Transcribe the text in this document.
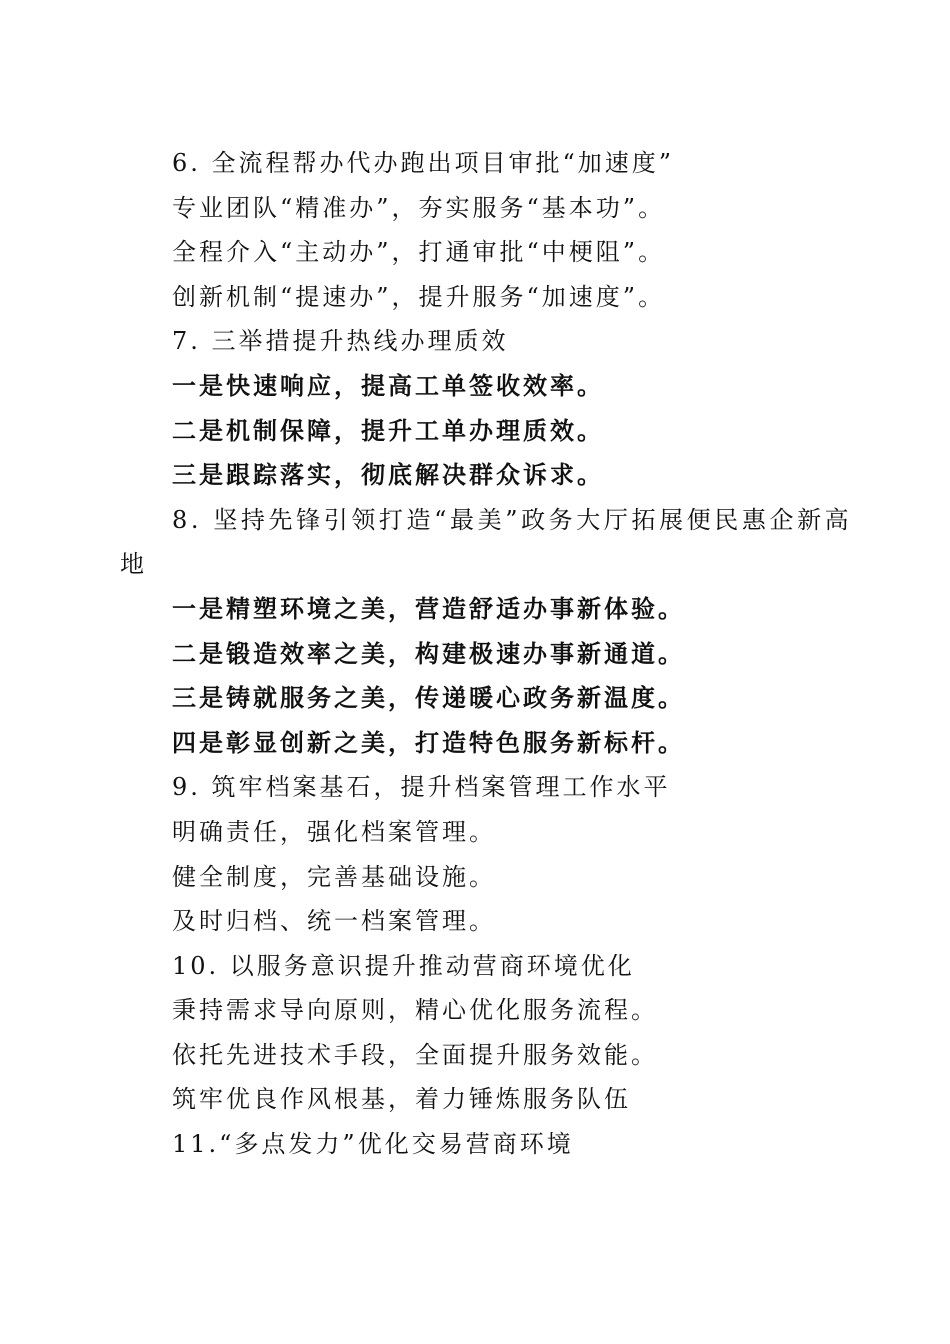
6. 全流程帮办代办跑出项目审批“加速度”
专业团队“精准办”，夯实服务“基本功”。
全程介入“主动办”，打通审批“中梗阻”。
创新机制“提速办”，提升服务“加速度”。
7. 三举措提升热线办理质效
一是快速响应，提高工单签收效率。
二是机制保障，提升工单办理质效。
三是跟踪落实，彻底解决群众诉求。
8. 坚持先锋引领打造“最美”政务大厅拓展便民惠企新高
地
一是精塑环境之美，营造舒适办事新体验。
二是锻造效率之美，构建极速办事新通道。
三是铸就服务之美，传递暖心政务新温度。
四是彰显创新之美，打造特色服务新标杆。
9. 筑牢档案基石，提升档案管理工作水平
明确责任，强化档案管理。
健全制度，完善基础设施。
及时归档、统一档案管理。
10. 以服务意识提升推动营商环境优化
秉持需求导向原则，精心优化服务流程。
依托先进技术手段，全面提升服务效能。
筑牢优良作风根基，着力锤炼服务队伍
11.“多点发力”优化交易营商环境
